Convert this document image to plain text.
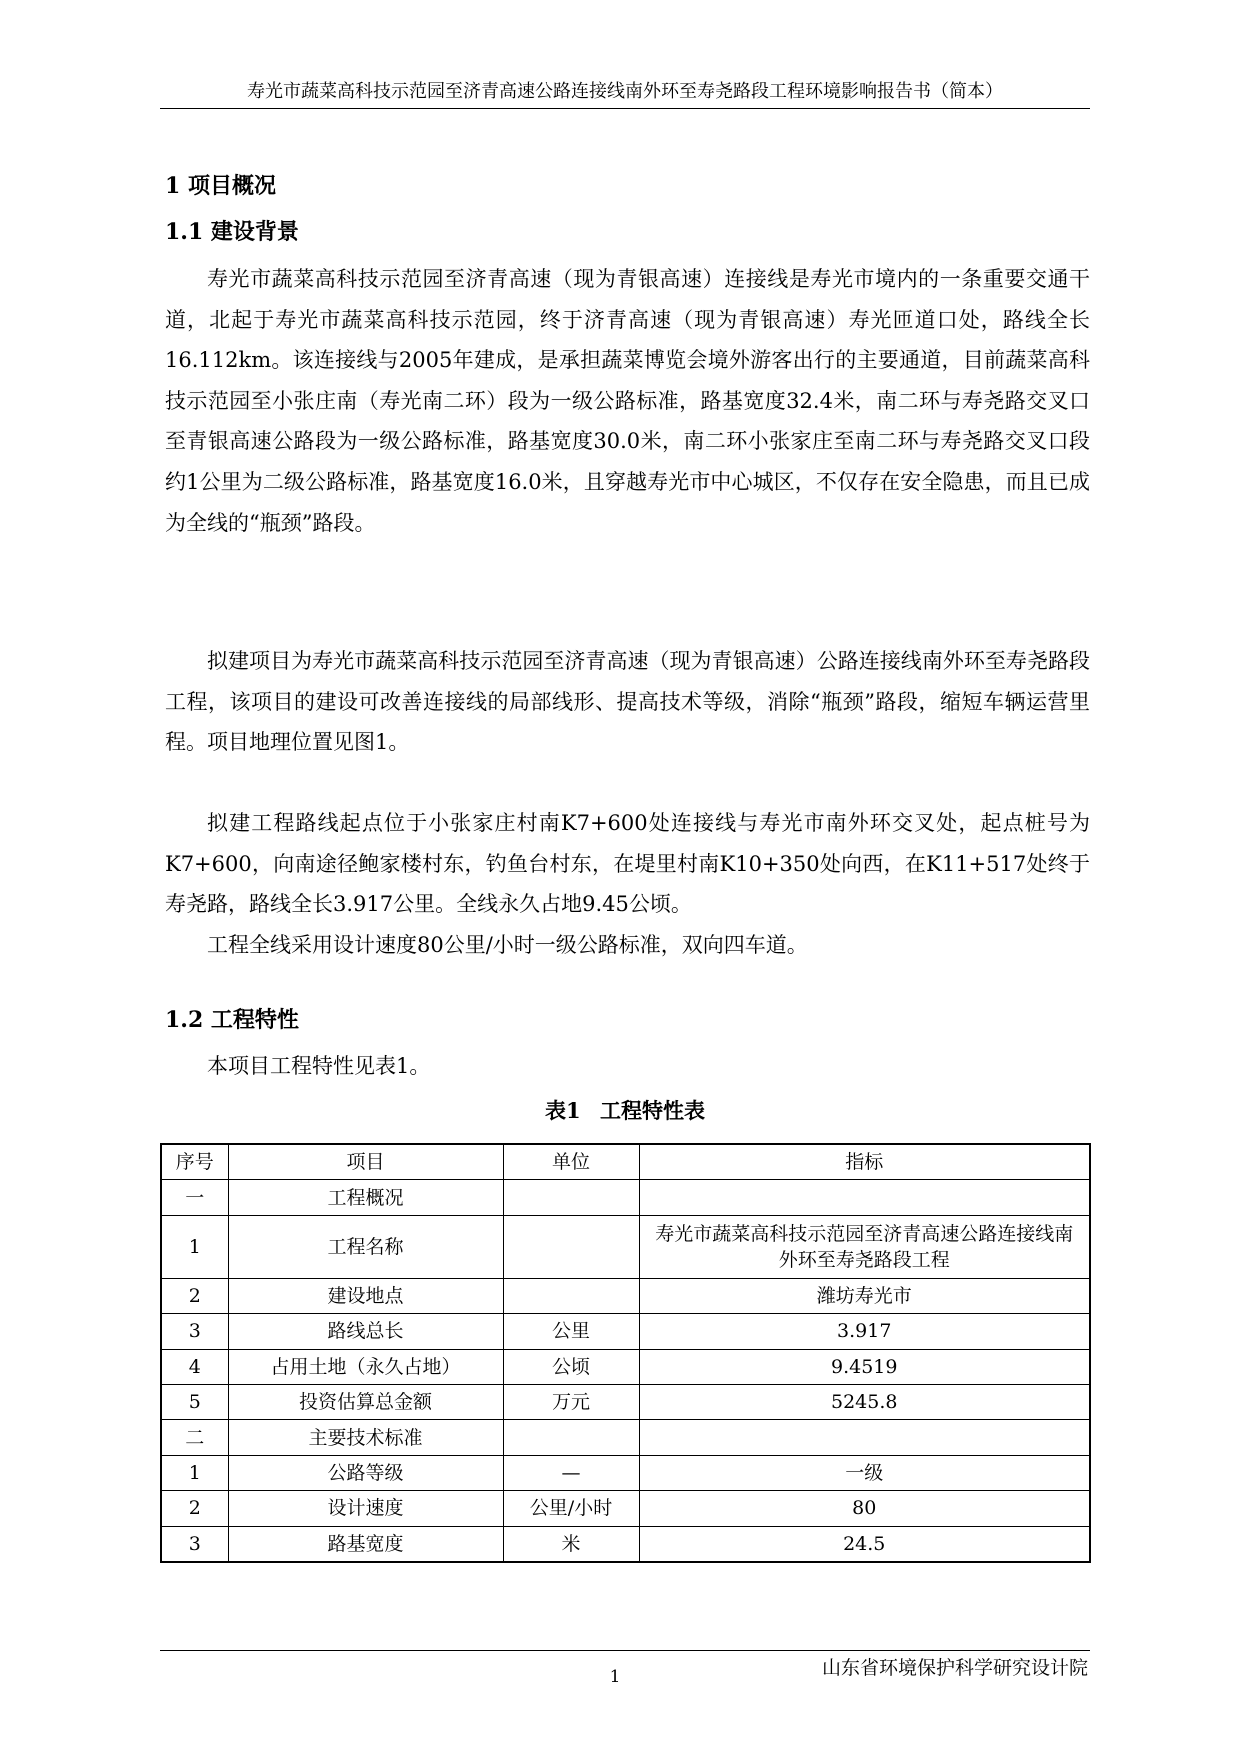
寿光市蔬菜高科技示范园至济青高速公路连接线南外环至寿尧路段工程环境影响报告书（简本）
1 项目概况
1.1 建设背景
寿光市蔬菜高科技示范园至济青高速（现为青银高速）连接线是寿光市境内的一条重要交通干道，北起于寿光市蔬菜高科技示范园，终于济青高速（现为青银高速）寿光匝道口处，路线全长16.112km。该连接线与2005年建成，是承担蔬菜博览会境外游客出行的主要通道，目前蔬菜高科技示范园至小张庄南（寿光南二环）段为一级公路标准，路基宽度32.4米，南二环与寿尧路交叉口至青银高速公路段为一级公路标准，路基宽度30.0米，南二环小张家庄至南二环与寿尧路交叉口段约1公里为二级公路标准，路基宽度16.0米，且穿越寿光市中心城区，不仅存在安全隐患，而且已成为全线的“瓶颈”路段。
拟建项目为寿光市蔬菜高科技示范园至济青高速（现为青银高速）公路连接线南外环至寿尧路段工程，该项目的建设可改善连接线的局部线形、提高技术等级，消除“瓶颈”路段，缩短车辆运营里程。项目地理位置见图1。
拟建工程路线起点位于小张家庄村南K7+600处连接线与寿光市南外环交叉处，起点桩号为K7+600，向南途径鲍家楼村东，钓鱼台村东，在堤里村南K10+350处向西，在K11+517处终于寿尧路，路线全长3.917公里。全线永久占地9.45公顷。
工程全线采用设计速度80公里/小时一级公路标准，双向四车道。
1.2 工程特性
本项目工程特性见表1。
表1 工程特性表
序号	项目	单位	指标
一	工程概况		
1	工程名称		寿光市蔬菜高科技示范园至济青高速公路连接线南外环至寿尧路段工程
2	建设地点		潍坊寿光市
3	路线总长	公里	3.917
4	占用土地（永久占地）	公顷	9.4519
5	投资估算总金额	万元	5245.8
二	主要技术标准		
1	公路等级	—	一级
2	设计速度	公里/小时	80
3	路基宽度	米	24.5
1	山东省环境保护科学研究设计院
